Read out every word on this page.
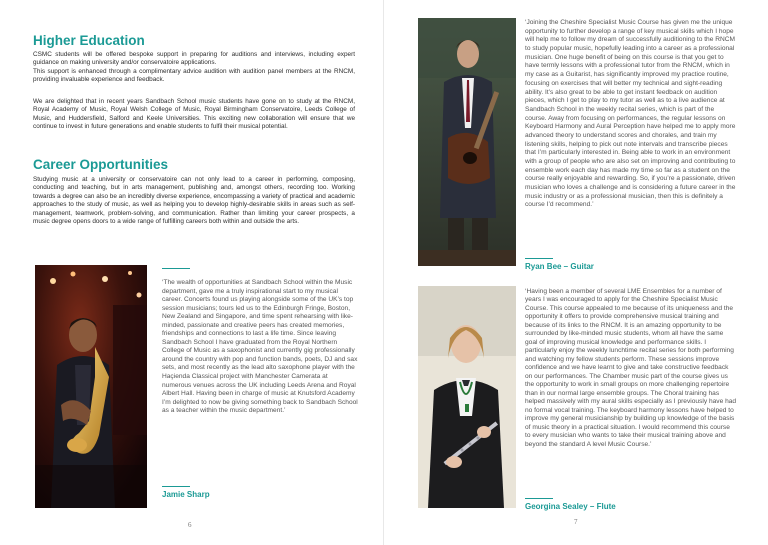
Higher Education

CSMC students will be offered bespoke support in preparing for auditions and interviews, including expert guidance on making university and/or conservatoire applications.

This support is enhanced through a complimentary advice audition with audition panel members at the RNCM, providing invaluable experience and feedback.

We are delighted that in recent years Sandbach School music students have gone on to study at the RNCM, Royal Academy of Music, Royal Welsh College of Music, Royal Birmingham Conservatoire, Leeds College of Music, and Huddersfield, Salford and Keele Universities. This exciting new collaboration will ensure that we continue to invest in future generations and enable students to fulfil their musical potential.

Career Opportunities

Studying music at a university or conservatoire can not only lead to a career in performing, composing, conducting and teaching, but in arts management, publishing and, amongst others, recording too. Working towards a degree can also be an incredibly diverse experience, encompassing a variety of practical and academic approaches to the study of music, as well as helping you to develop highly-desirable skills in areas such as self-management, teamwork, problem-solving, and communication. Rather than limiting your career prospects, a music degree opens doors to a wide range of fulfilling careers both within and outside the arts.

‘The wealth of opportunities at Sandbach School within the Music department, gave me a truly inspirational start to my musical career. Concerts found us playing alongside some of the UK’s top session musicians; tours led us to the Edinburgh Fringe, Boston, New Zealand and Singapore, and time spent rehearsing with like-minded, passionate and creative peers has created memories, friendships and connections to last a life time. Since leaving Sandbach School I have graduated from the Royal Northern College of Music as a saxophonist and currently gig professionally around the country with pop and function bands, poets, DJ and sax sets, and most recently as the lead alto saxophone player with the Haçienda Classical project with Manchester Camerata at numerous venues across the UK including Leeds Arena and Royal Albert Hall. Having been in charge of music at Knutsford Academy I’m delighted to now be giving something back to Sandbach School as a teacher within the music department.’

Jamie Sharp

6

‘Joining the Cheshire Specialist Music Course has given me the unique opportunity to further develop a range of key musical skills which I hope will help me to follow my dream of successfully auditioning to the RNCM to study popular music, hopefully leading into a career as a professional musician. One huge benefit of being on this course is that you get to have termly lessons with a professional tutor from the RNCM, which in my case as a Guitarist, has significantly improved my practice routine, focusing on exercises that will better my technical and sight-reading ability. It’s also great to be able to get instant feedback on audition pieces, which I get to play to my tutor as well as to a live audience at Sandbach School in the weekly recital series, which is part of the course. Away from focusing on performances, the regular lessons on Keyboard Harmony and Aural Perception have helped me to apply more advanced theory to understand scores and chorales, and train my listening skills, helping to pick out note intervals and transcribe pieces that I’m particularly interested in. Being able to work in an environment with a group of people who are also set on improving and contributing to ensemble work each day has made my time so far as a student on the course really enjoyable and rewarding. So, if you’re a passionate, driven musician who loves a challenge and is considering a future career in the music industry or as a professional musician, then this is definitely a course I’d recommend.’

Ryan Bee – Guitar

‘Having been a member of several LME Ensembles for a number of years I was encouraged to apply for the Cheshire Specialist Music Course. This course appealed to me because of its uniqueness and the opportunity it offers to provide comprehensive musical training and because of its links to the RNCM. It is an amazing opportunity to be surrounded by like-minded music students, whom all have the same goal of improving musical knowledge and performance skills. I particularly enjoy the weekly lunchtime recital series for both performing and watching my fellow students perform. These sessions improve confidence and we have learnt to give and take constructive feedback on our performances. The Chamber music part of the course gives us the opportunity to work in small groups on more challenging repertoire than in our normal large ensemble groups. The Choral training has helped massively with my aural skills especially as I previously have had no formal vocal training. The keyboard harmony lessons have helped to improve my general musicianship by building up knowledge of the basis of music theory in a practical situation. I would recommend this course to every musician who wants to take their musical training above and beyond the standard A level Music Course.’

Georgina Sealey – Flute

7
